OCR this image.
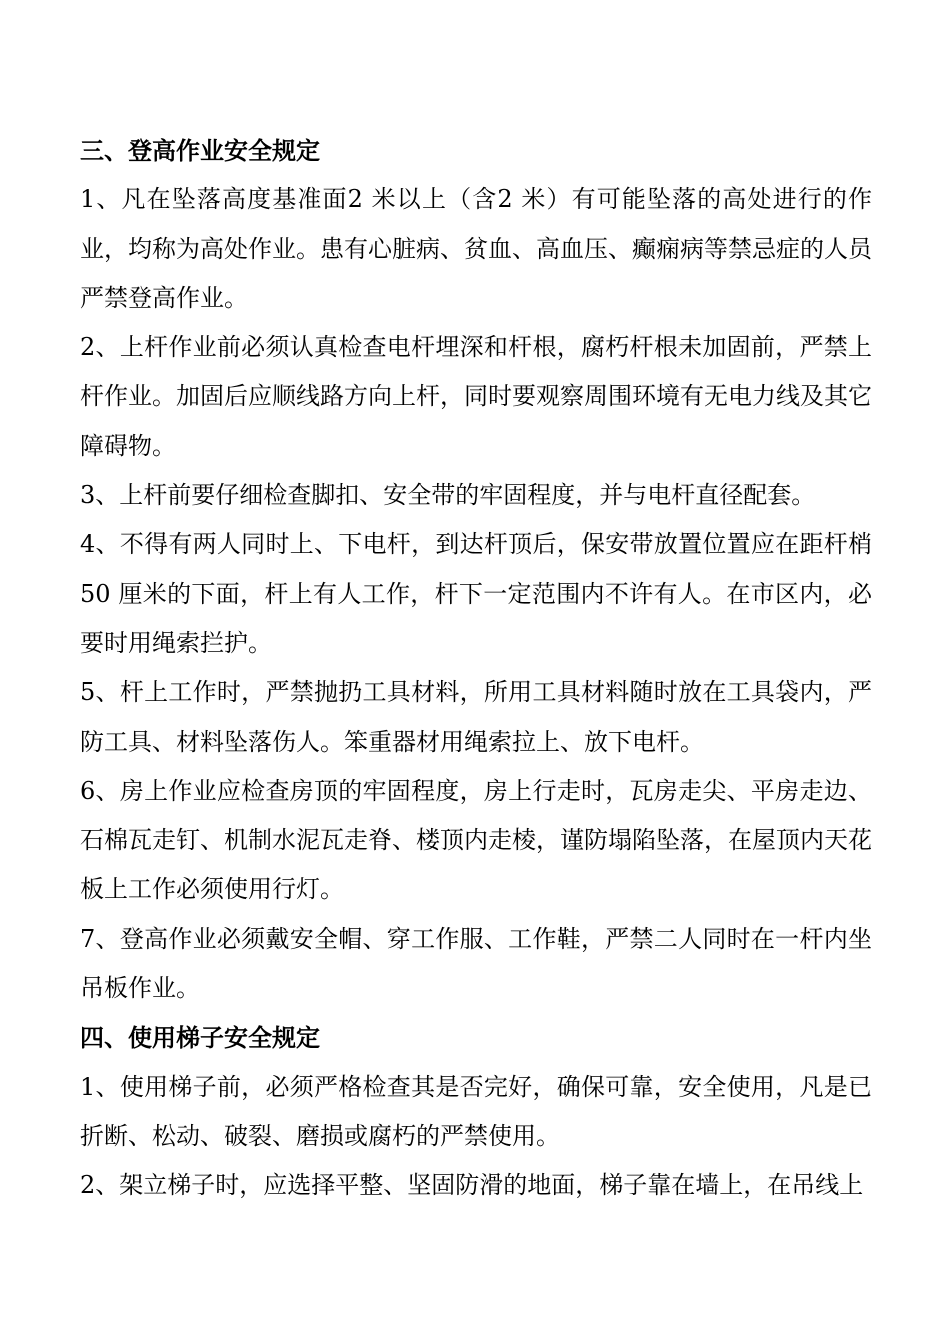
三、登高作业安全规定

1、凡在坠落高度基准面2 米以上（含2 米）有可能坠落的高处进行的作业，均称为高处作业。患有心脏病、贫血、高血压、癫痫病等禁忌症的人员严禁登高作业。

2、上杆作业前必须认真检查电杆埋深和杆根，腐朽杆根未加固前，严禁上杆作业。加固后应顺线路方向上杆，同时要观察周围环境有无电力线及其它障碍物。

3、上杆前要仔细检查脚扣、安全带的牢固程度，并与电杆直径配套。

4、不得有两人同时上、下电杆，到达杆顶后，保安带放置位置应在距杆梢50 厘米的下面，杆上有人工作，杆下一定范围内不许有人。在市区内，必要时用绳索拦护。

5、杆上工作时，严禁抛扔工具材料，所用工具材料随时放在工具袋内，严防工具、材料坠落伤人。笨重器材用绳索拉上、放下电杆。

6、房上作业应检查房顶的牢固程度，房上行走时，瓦房走尖、平房走边、石棉瓦走钉、机制水泥瓦走脊、楼顶内走棱，谨防塌陷坠落，在屋顶内天花板上工作必须使用行灯。

7、登高作业必须戴安全帽、穿工作服、工作鞋，严禁二人同时在一杆内坐吊板作业。

四、使用梯子安全规定

1、使用梯子前，必须严格检查其是否完好，确保可靠，安全使用，凡是已折断、松动、破裂、磨损或腐朽的严禁使用。

2、架立梯子时，应选择平整、坚固防滑的地面，梯子靠在墙上，在吊线上
